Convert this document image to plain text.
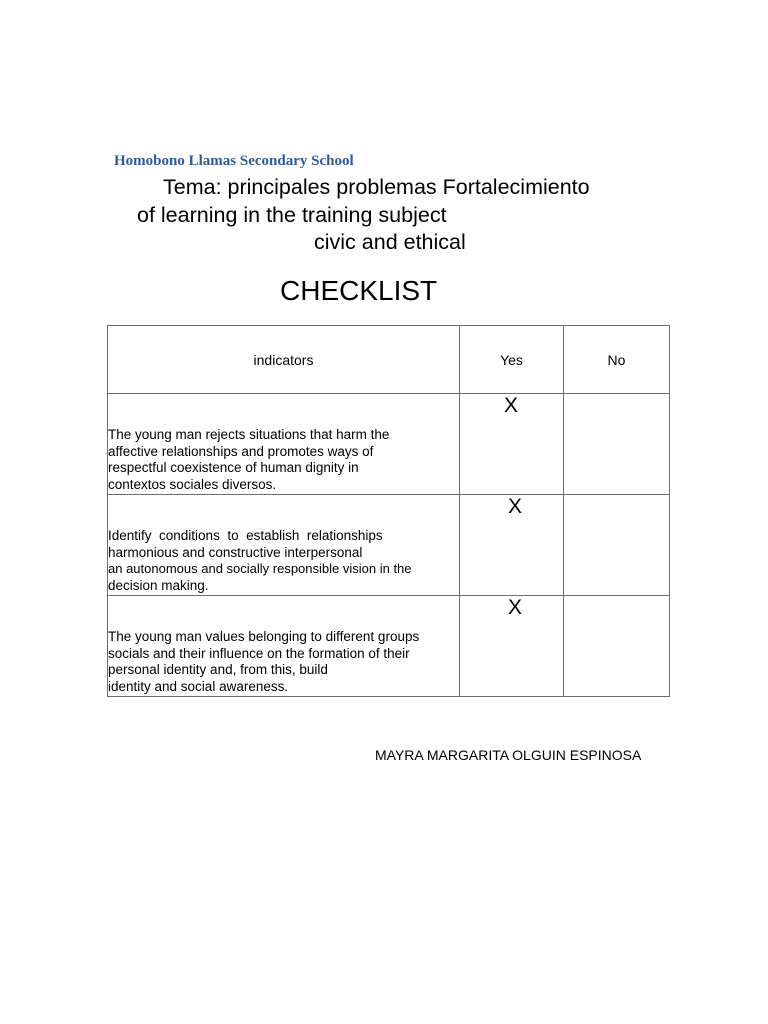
Homobono Llamas Secondary School
Tema: principales problemas Fortalecimiento
of learning in the training subject
civic and ethical
CHECKLIST
indicators	Yes	No

The young man rejects situations that harm the
affective relationships and promotes ways of
respectful coexistence of human dignity in
contextos sociales diversos.	X	

Identify  conditions  to  establish  relationships
harmonious and constructive interpersonal
an autonomous and socially responsible vision in the
decision making.	X	

The young man values belonging to different groups
socials and their influence on the formation of their
personal identity and, from this, build
identity and social awareness.	X	
MAYRA MARGARITA OLGUIN ESPINOSA
